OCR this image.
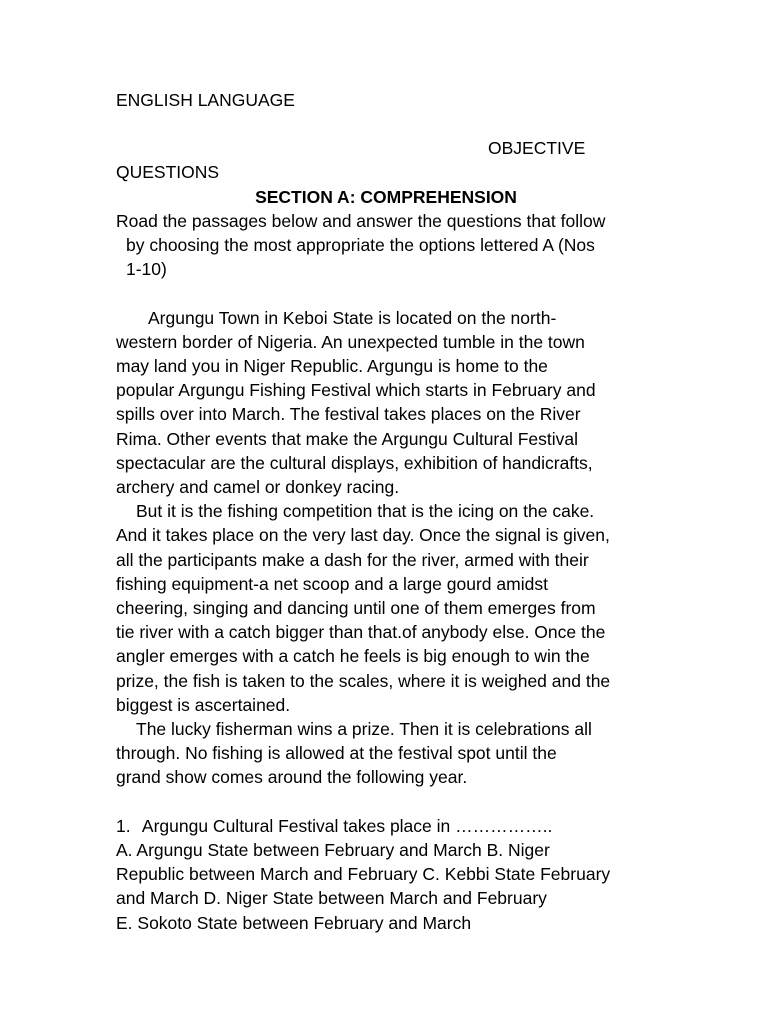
ENGLISH LANGUAGE

OBJECTIVE

QUESTIONS

SECTION A: COMPREHENSION

Road the passages below and answer the questions that follow

by choosing the most appropriate the options lettered A (Nos

1-10)

Argungu Town in Keboi State is located on the north-

western border of Nigeria. An unexpected tumble in the town

may land you in Niger Republic. Argungu is home to the

popular Argungu Fishing Festival which starts in February and

spills over into March. The festival takes places on the River

Rima. Other events that make the Argungu Cultural Festival

spectacular are the cultural displays, exhibition of handicrafts,

archery and camel or donkey racing.

But it is the fishing competition that is the icing on the cake.

And it takes place on the very last day. Once the signal is given,

all the participants make a dash for the river, armed with their

fishing equipment-a net scoop and a large gourd amidst

cheering, singing and dancing until one of them emerges from

tie river with a catch bigger than that.of anybody else. Once the

angler emerges with a catch he feels is big enough to win the

prize, the fish is taken to the scales, where it is weighed and the

biggest is ascertained.

The lucky fisherman wins a prize. Then it is celebrations all

through. No fishing is allowed at the festival spot until the

grand show comes around the following year.

1. Argungu Cultural Festival takes place in ……………..

A. Argungu State between February and March B. Niger

Republic between March and February C. Kebbi State February

and March D. Niger State between March and February

E. Sokoto State between February and March
